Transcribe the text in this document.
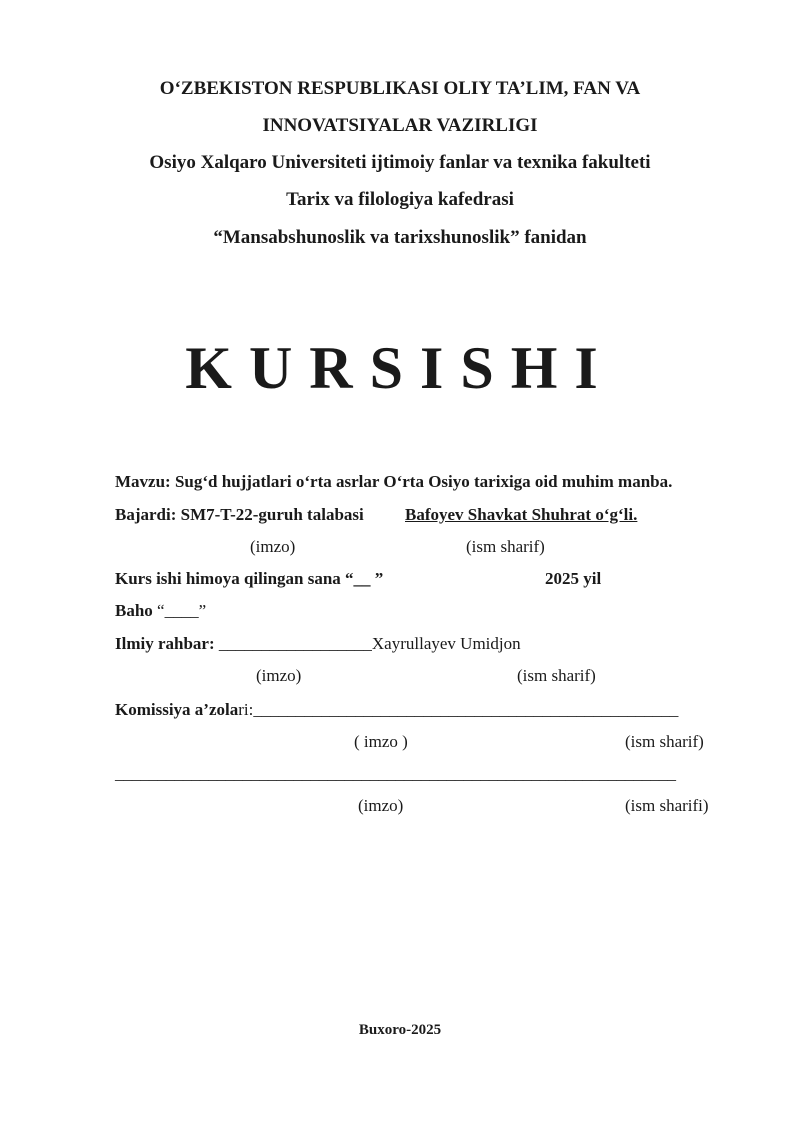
O‘ZBEKISTON RESPUBLIKASI OLIY TA’LIM, FAN VA
INNOVATSIYALAR VAZIRLIGI
Osiyo Xalqaro Universiteti ijtimoiy fanlar va texnika fakulteti
Tarix va filologiya kafedrasi
“Mansabshunoslik va tarixshunoslik” fanidan
KURSISHI
Mavzu: Sug‘d hujjatlari o‘rta asrlar O‘rta Osiyo tarixiga oid muhim manba.
Bajardi: SM7-T-22-guruh talabasi Bafoyev Shavkat Shuhrat o‘g‘li.
(imzo)	(ism sharif)
Kurs ishi himoya qilingan sana “__ ”	2025 yil
Baho “____”
Ilmiy rahbar: __________________Xayrullayev Umidjon
(imzo)	(ism sharif)
Komissiya a’zolari:__________________________________________________
( imzo )	(ism sharif)
__________________________________________________________________
(imzo)	(ism sharifi)
Buxoro-2025
